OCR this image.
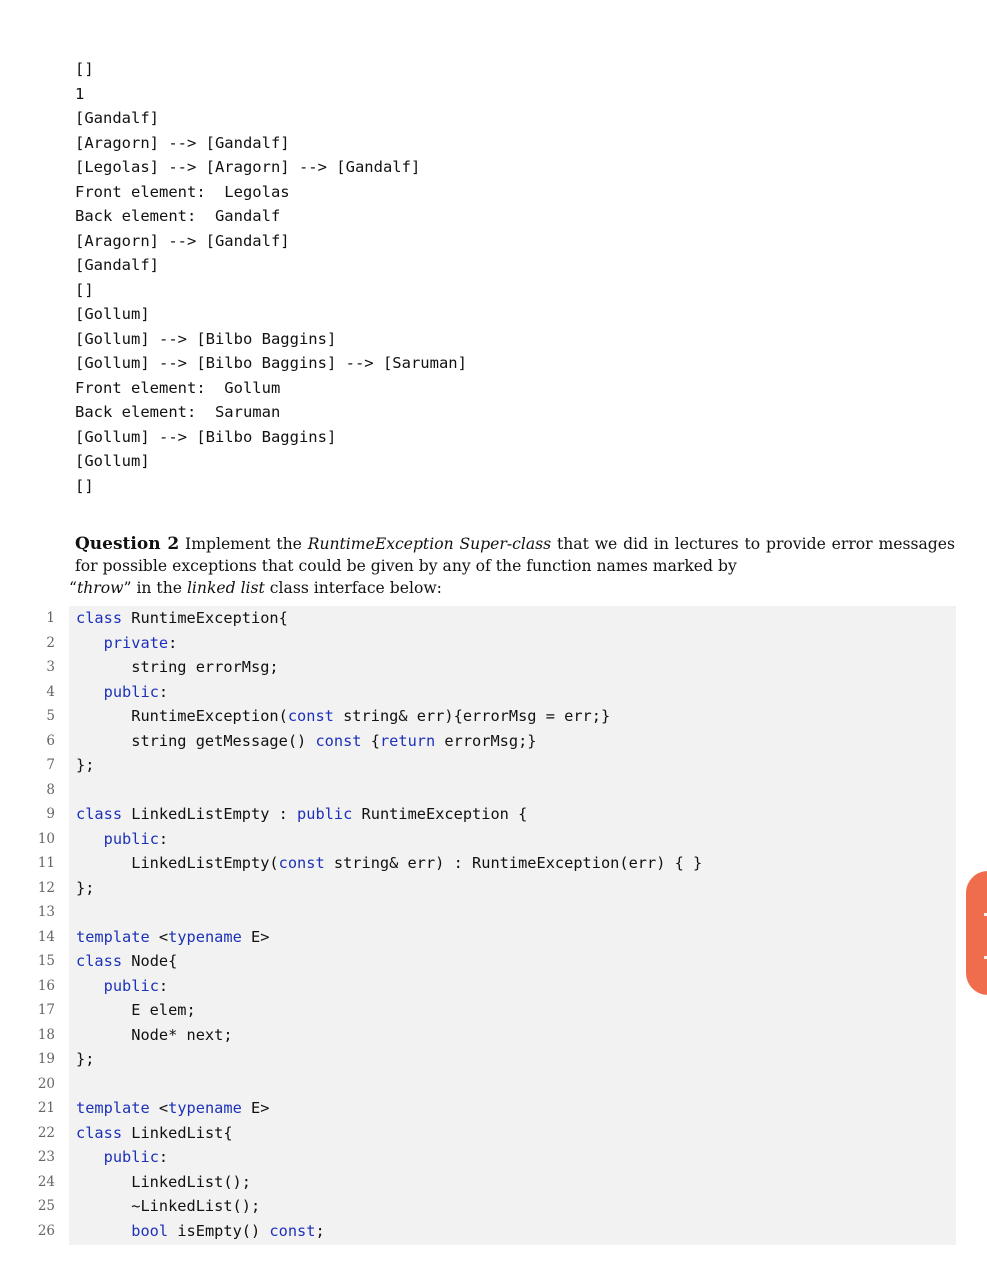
[]
1
[Gandalf]
[Aragorn] --> [Gandalf]
[Legolas] --> [Aragorn] --> [Gandalf]
Front element:  Legolas
Back element:  Gandalf
[Aragorn] --> [Gandalf]
[Gandalf]
[]
[Gollum]
[Gollum] --> [Bilbo Baggins]
[Gollum] --> [Bilbo Baggins] --> [Saruman]
Front element:  Gollum
Back element:  Saruman
[Gollum] --> [Bilbo Baggins]
[Gollum]
[]
Question 2 Implement the RuntimeException Super-class that we did in lectures to provide error messages for possible exceptions that could be given by any of the function names marked by
“throw” in the linked list class interface below:
1 class RuntimeException{
2	private:
3 string errorMsg;
4	public:
5 RuntimeException(const string& err){errorMsg = err;}
6 string getMessage() const {return errorMsg;}
7 };
8
9 class LinkedListEmpty : public RuntimeException {
10	public:
11 LinkedListEmpty(const string& err) : RuntimeException(err) { }
12 };
13
14 template <typename E>
15 class Node{
16	public:
17 E elem;
18 Node* next;
19 };
20
21 template <typename E>
22 class LinkedList{
23	public:
24 LinkedList();
25 ~LinkedList();
26	bool isEmpty() const;
